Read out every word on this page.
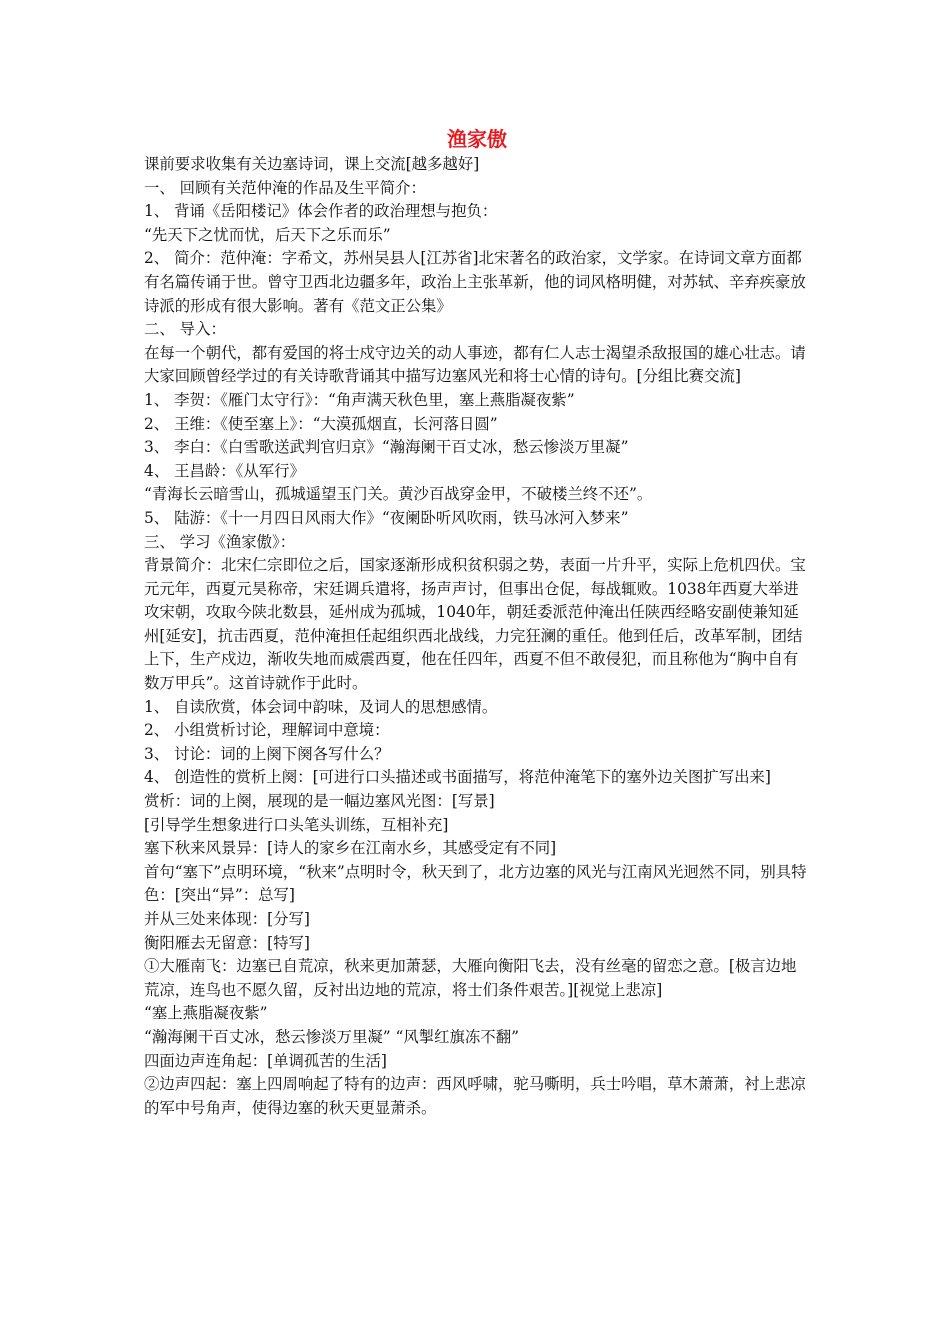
渔家傲

课前要求收集有关边塞诗词，课上交流[越多越好]

一、 回顾有关范仲淹的作品及生平简介：

1、 背诵《岳阳楼记》体会作者的政治理想与抱负：

“先天下之忧而忧，后天下之乐而乐”

2、 简介：范仲淹：字希文，苏州吴县人[江苏省]北宋著名的政治家，文学家。在诗词文章方面都有名篇传诵于世。曾守卫西北边疆多年，政治上主张革新，他的词风格明健，对苏轼、辛弃疾豪放诗派的形成有很大影响。著有《范文正公集》

二、 导入：

在每一个朝代，都有爱国的将士戍守边关的动人事迹，都有仁人志士渴望杀敌报国的雄心壮志。请大家回顾曾经学过的有关诗歌背诵其中描写边塞风光和将士心情的诗句。[分组比赛交流]

1、 李贺：《雁门太守行》：“角声满天秋色里，塞上燕脂凝夜紫”

2、 王维：《使至塞上》：“大漠孤烟直，长河落日圆”

3、 李白：《白雪歌送武判官归京》“瀚海阑干百丈冰，愁云惨淡万里凝”

4、 王昌龄：《从军行》

“青海长云暗雪山，孤城遥望玉门关。黄沙百战穿金甲，不破楼兰终不还”。

5、 陆游：《十一月四日风雨大作》“夜阑卧听风吹雨，铁马冰河入梦来”

三、 学习《渔家傲》：

背景简介：北宋仁宗即位之后，国家逐渐形成积贫积弱之势，表面一片升平，实际上危机四伏。宝元元年，西夏元昊称帝，宋廷调兵遣将，扬声声讨，但事出仓促，每战辄败。1038年西夏大举进攻宋朝，攻取今陕北数县，延州成为孤城，1040年，朝廷委派范仲淹出任陕西经略安副使兼知延州[延安]，抗击西夏，范仲淹担任起组织西北战线，力完狂澜的重任。他到任后，改革军制，团结上下，生产戍边，渐收失地而威震西夏，他在任四年，西夏不但不敢侵犯，而且称他为“胸中自有数万甲兵”。这首诗就作于此时。

1、 自读欣赏，体会词中韵味，及词人的思想感情。

2、 小组赏析讨论，理解词中意境：

3、 讨论：词的上阕下阕各写什么？

4、 创造性的赏析上阕：[可进行口头描述或书面描写，将范仲淹笔下的塞外边关图扩写出来]

赏析：词的上阕，展现的是一幅边塞风光图：[写景]

[引导学生想象进行口头笔头训练，互相补充]

塞下秋来风景异：[诗人的家乡在江南水乡，其感受定有不同]

首句“塞下”点明环境，“秋来”点明时令，秋天到了，北方边塞的风光与江南风光迥然不同，别具特色：[突出“异”：总写]

并从三处来体现：[分写]

衡阳雁去无留意：[特写]

①大雁南飞：边塞已自荒凉，秋来更加萧瑟，大雁向衡阳飞去，没有丝毫的留恋之意。[极言边地荒凉，连鸟也不愿久留，反衬出边地的荒凉，将士们条件艰苦。][视觉上悲凉]

“塞上燕脂凝夜紫”

“瀚海阑干百丈冰，愁云惨淡万里凝” “风掣红旗冻不翻”

四面边声连角起：[单调孤苦的生活]

②边声四起：塞上四周响起了特有的边声：西风呼啸，驼马嘶明，兵士吟唱，草木萧萧，衬上悲凉的军中号角声，使得边塞的秋天更显萧杀。
